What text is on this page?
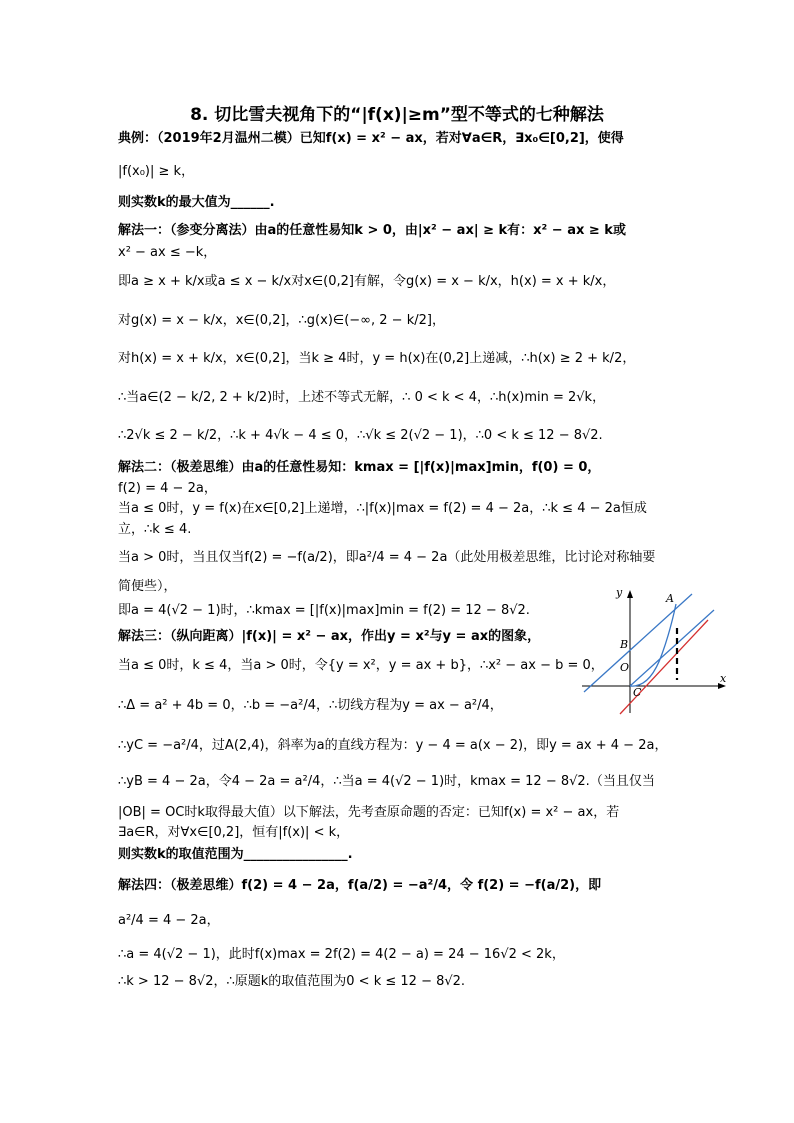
8. 切比雪夫视角下的“|f(x)|≥m”型不等式的七种解法
典例：（2019年2月温州二模）已知f(x) = x² − ax，若对∀a∈R，∃x₀∈[0,2]，使得
|f(x₀)| ≥ k，
则实数k的最大值为______.
解法一：（参变分离法）由a的任意性易知k > 0，由|x² − ax| ≥ k有：x² − ax ≥ k或
x² − ax ≤ −k，
即a ≥ x + k/x或a ≤ x − k/x对x∈(0,2]有解，令g(x) = x − k/x，h(x) = x + k/x，
对g(x) = x − k/x，x∈(0,2]，∴g(x)∈(−∞, 2 − k/2]，
对h(x) = x + k/x，x∈(0,2]，当k ≥ 4时，y = h(x)在(0,2]上递减，∴h(x) ≥ 2 + k/2，
∴当a∈(2 − k/2, 2 + k/2)时，上述不等式无解，∴ 0 < k < 4，∴h(x)min = 2√k，
∴2√k ≤ 2 − k/2，∴k + 4√k − 4 ≤ 0，∴√k ≤ 2(√2 − 1)，∴0 < k ≤ 12 − 8√2.
解法二：（极差思维）由a的任意性易知：kmax = [|f(x)|max]min，f(0) = 0，
f(2) = 4 − 2a，
当a ≤ 0时，y = f(x)在x∈[0,2]上递增，∴|f(x)|max = f(2) = 4 − 2a，∴k ≤ 4 − 2a恒成
立，∴k ≤ 4.
当a > 0时，当且仅当f(2) = −f(a/2)，即a²/4 = 4 − 2a（此处用极差思维，比讨论对称轴要
简便些），
即a = 4(√2 − 1)时，∴kmax = [|f(x)|max]min = f(2) = 12 − 8√2.
解法三：（纵向距离）|f(x)| = x² − ax，作出y = x²与y = ax的图象，
当a ≤ 0时，k ≤ 4，当a > 0时，令{y = x²，y = ax + b}，∴x² − ax − b = 0，
∴Δ = a² + 4b = 0，∴b = −a²/4，∴切线方程为y = ax − a²/4，
∴yC = −a²/4，过A(2,4)，斜率为a的直线方程为：y − 4 = a(x − 2)，即y = ax + 4 − 2a，
∴yB = 4 − 2a，令4 − 2a = a²/4，∴当a = 4(√2 − 1)时，kmax = 12 − 8√2.（当且仅当
|OB| = OC时k取得最大值）以下解法，先考查原命题的否定：已知f(x) = x² − ax，若
∃a∈R，对∀x∈[0,2]，恒有|f(x)| < k，
则实数k的取值范围为________________.
解法四：（极差思维）f(2) = 4 − 2a，f(a/2) = −a²/4，令 f(2) = −f(a/2)，即
a²/4 = 4 − 2a，
∴a = 4(√2 − 1)，此时f(x)max = 2f(2) = 4(2 − a) = 24 − 16√2 < 2k，
∴k > 12 − 8√2，∴原题k的取值范围为0 < k ≤ 12 − 8√2.
y
x
A
B
O
C
